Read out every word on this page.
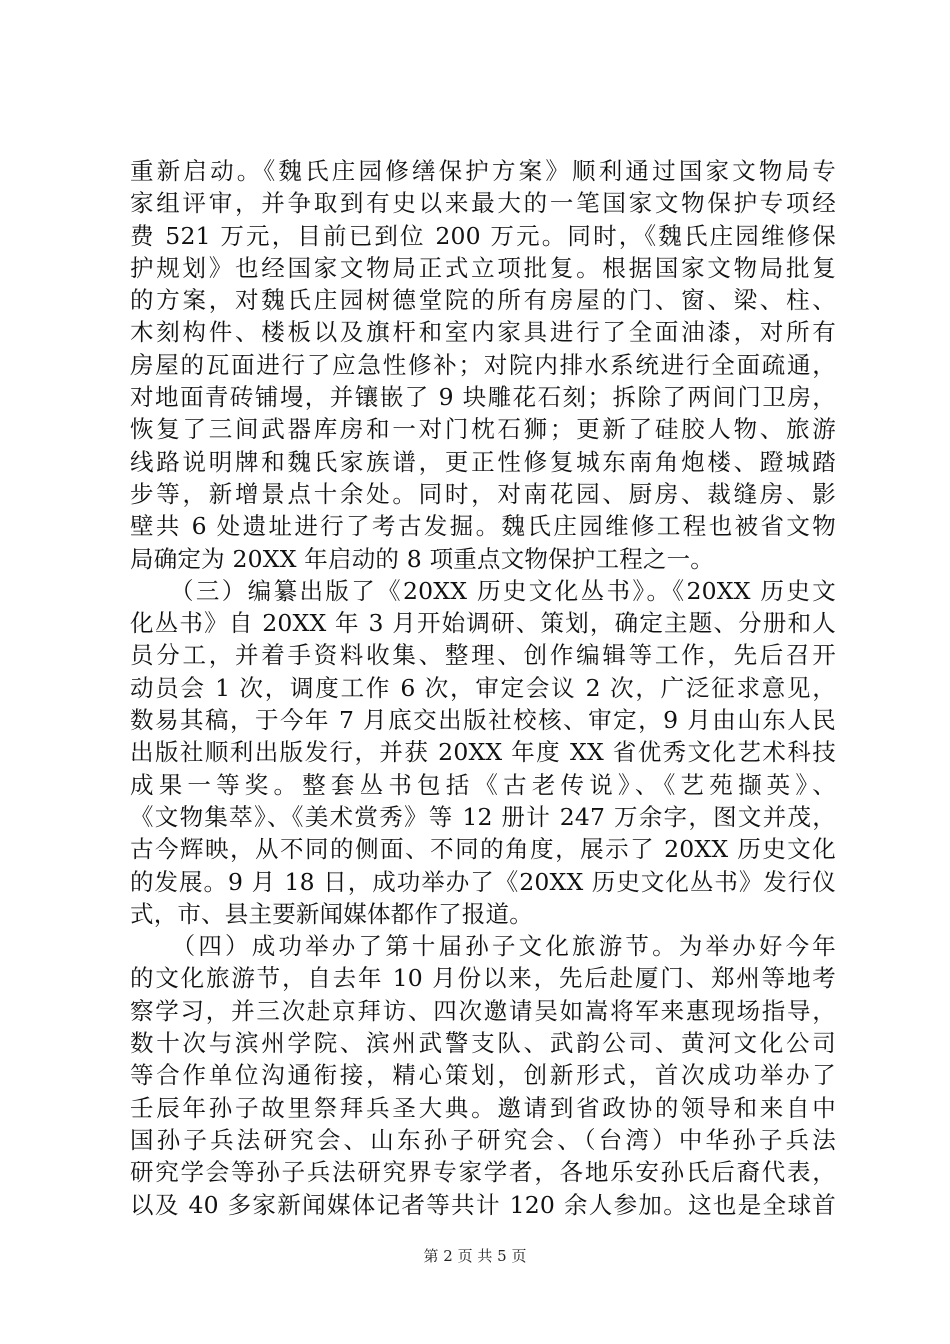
重新启动。《魏氏庄园修缮保护方案》顺利通过国家文物局专
家组评审，并争取到有史以来最大的一笔国家文物保护专项经
费 521 万元，目前已到位 200 万元。同时，《魏氏庄园维修保
护规划》也经国家文物局正式立项批复。根据国家文物局批复
的方案，对魏氏庄园树德堂院的所有房屋的门、窗、梁、柱、
木刻构件、楼板以及旗杆和室内家具进行了全面油漆，对所有
房屋的瓦面进行了应急性修补；对院内排水系统进行全面疏通，
对地面青砖铺墁，并镶嵌了 9 块雕花石刻；拆除了两间门卫房，
恢复了三间武器库房和一对门枕石狮；更新了硅胶人物、旅游
线路说明牌和魏氏家族谱，更正性修复城东南角炮楼、蹬城踏
步等，新增景点十余处。同时，对南花园、厨房、裁缝房、影
壁共 6 处遗址进行了考古发掘。魏氏庄园维修工程也被省文物
局确定为 20XX 年启动的 8 项重点文物保护工程之一。
　　（三）编纂出版了《20XX 历史文化丛书》。《20XX 历史文
化丛书》自 20XX 年 3 月开始调研、策划，确定主题、分册和人
员分工，并着手资料收集、整理、创作编辑等工作，先后召开
动员会 1 次，调度工作 6 次，审定会议 2 次，广泛征求意见，
数易其稿，于今年 7 月底交出版社校核、审定，9 月由山东人民
出版社顺利出版发行，并获 20XX 年度 XX 省优秀文化艺术科技
成果一等奖。整套丛书包括《古老传说》、《艺苑撷英》、
《文物集萃》、《美术赏秀》等 12 册计 247 万余字，图文并茂，
古今辉映，从不同的侧面、不同的角度，展示了 20XX 历史文化
的发展。9 月 18 日，成功举办了《20XX 历史文化丛书》发行仪
式，市、县主要新闻媒体都作了报道。
　　（四）成功举办了第十届孙子文化旅游节。为举办好今年
的文化旅游节，自去年 10 月份以来，先后赴厦门、郑州等地考
察学习，并三次赴京拜访、四次邀请吴如嵩将军来惠现场指导，
数十次与滨州学院、滨州武警支队、武韵公司、黄河文化公司
等合作单位沟通衔接，精心策划，创新形式，首次成功举办了
壬辰年孙子故里祭拜兵圣大典。邀请到省政协的领导和来自中
国孙子兵法研究会、山东孙子研究会、（台湾）中华孙子兵法
研究学会等孙子兵法研究界专家学者，各地乐安孙氏后裔代表，
以及 40 多家新闻媒体记者等共计 120 余人参加。这也是全球首
第 2 页 共 5 页
